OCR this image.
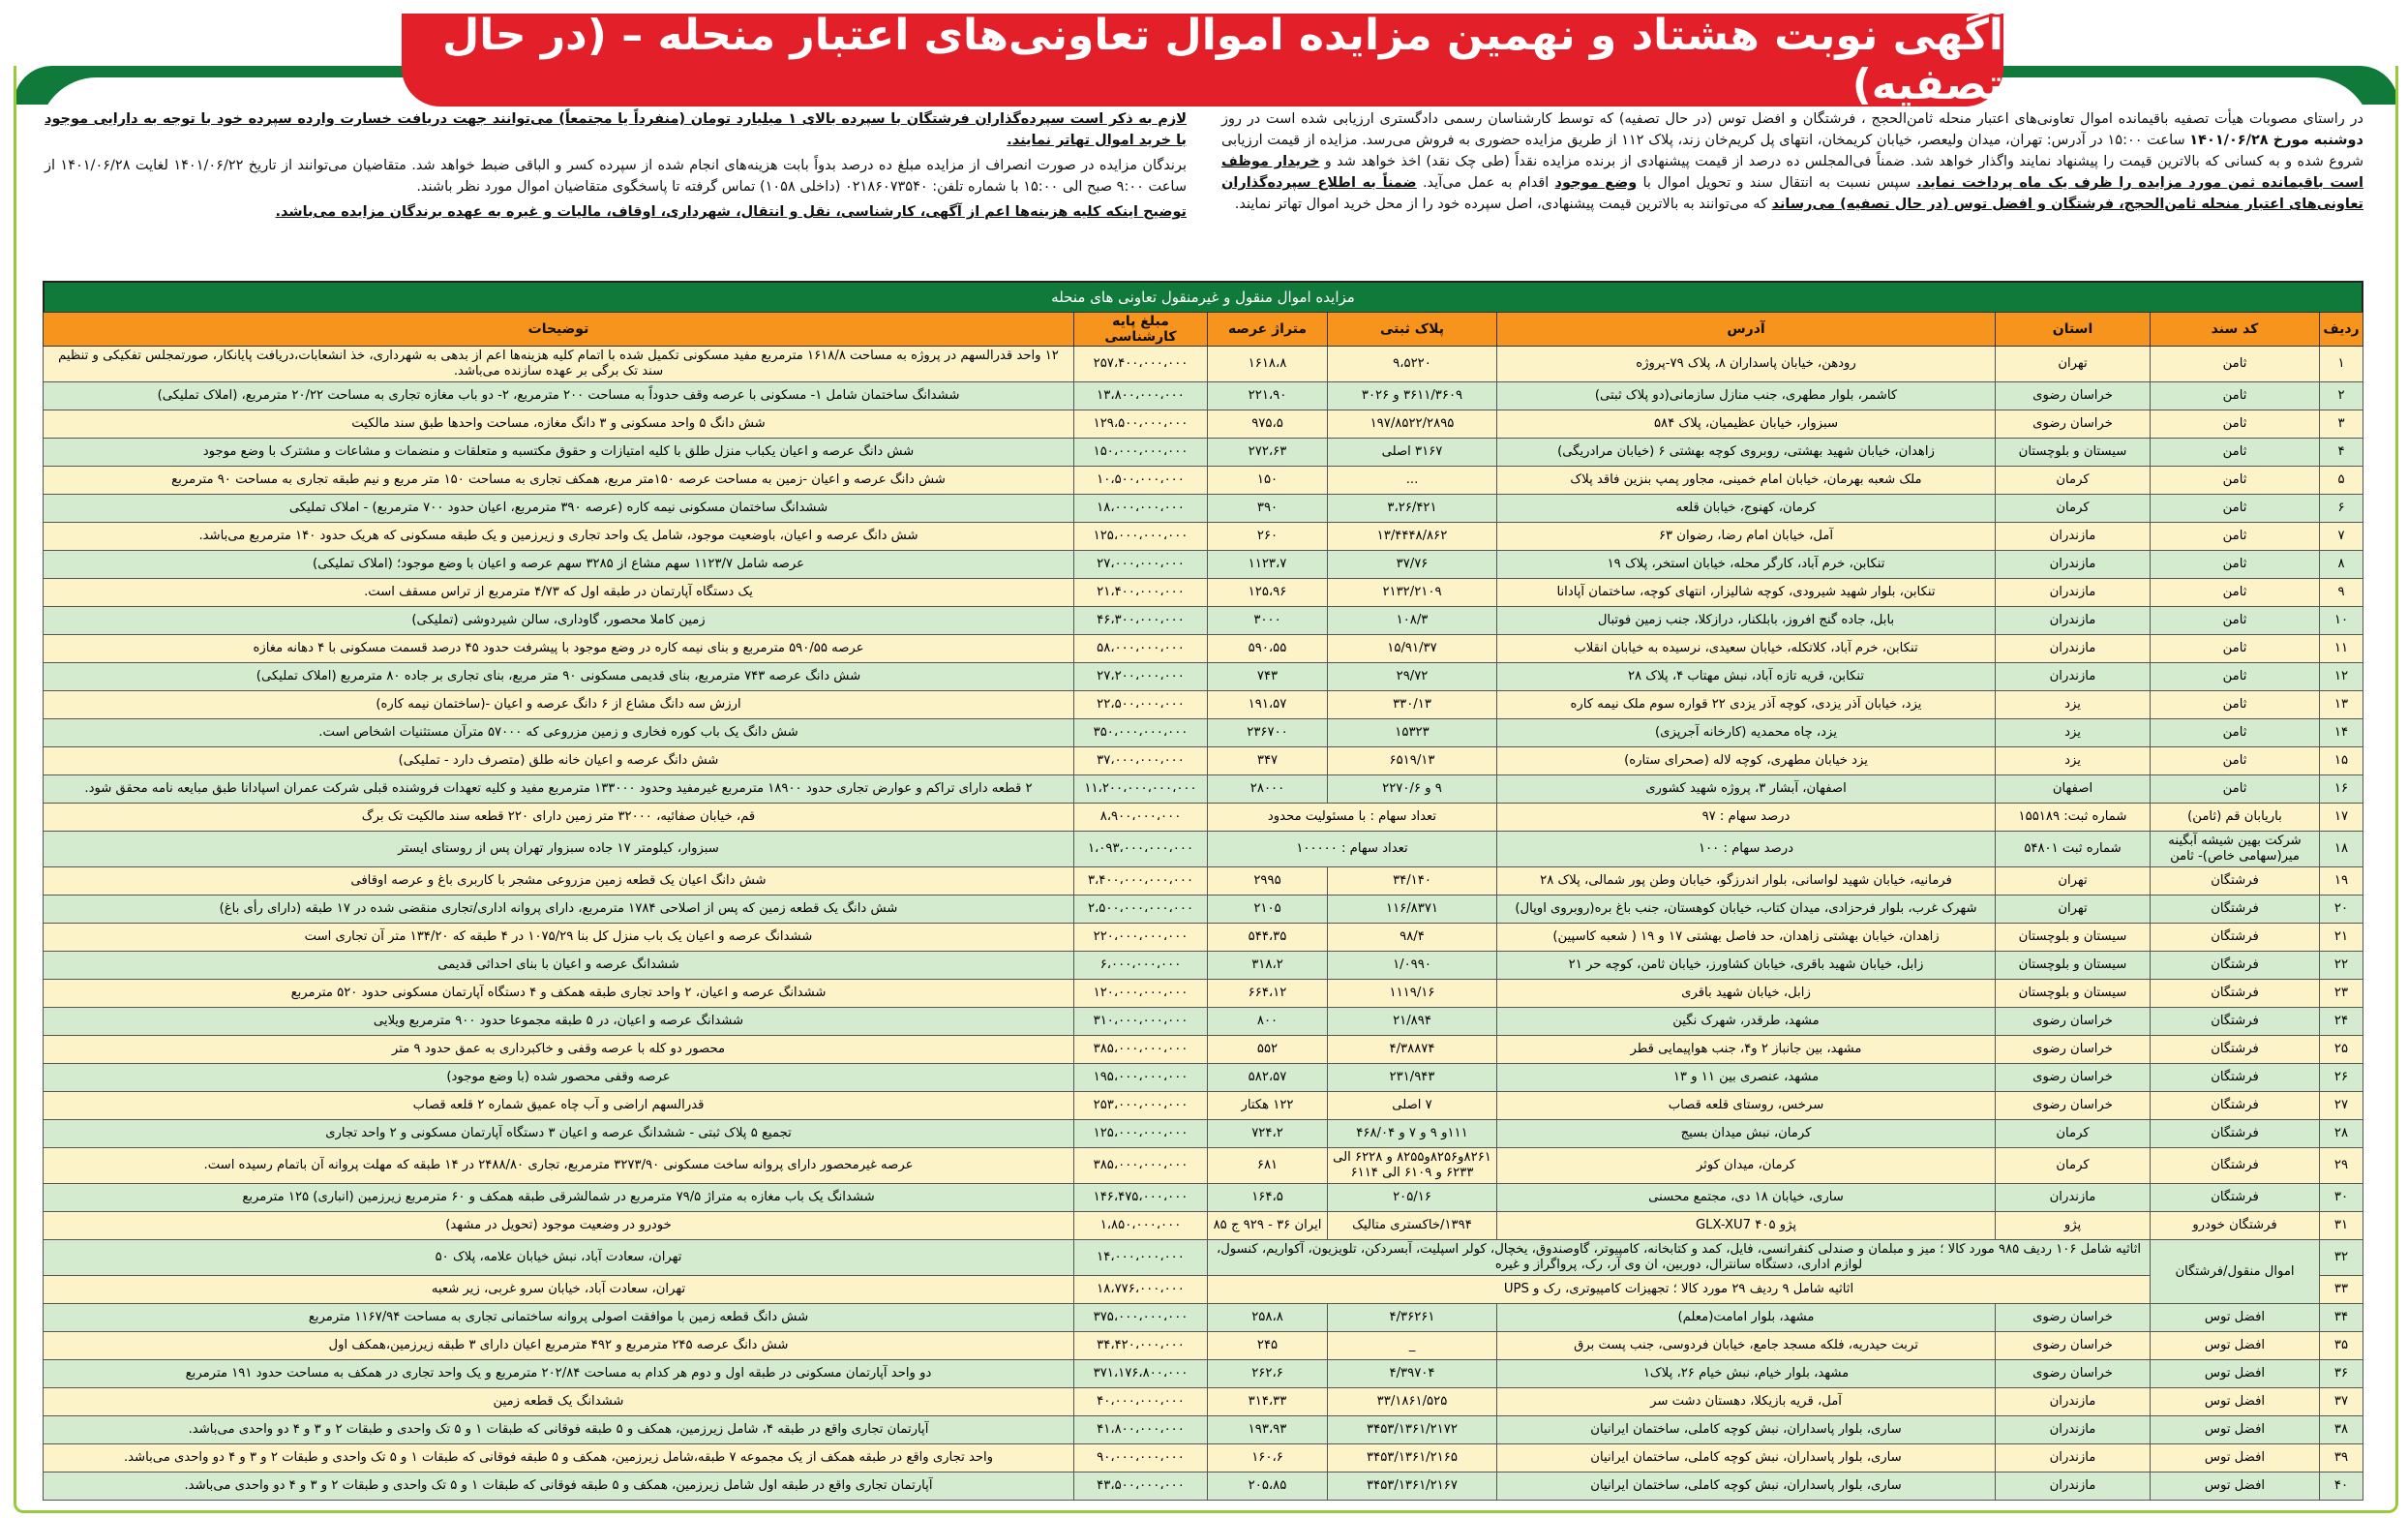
آگهی نوبت هشتاد و نهمین مزایده اموال تعاونی‌های اعتبار منحله – (در حال تصفیه)

در راستای مصوبات هیأت تصفیه باقیمانده اموال تعاونی‌های اعتبار منحله ثامن‌الحجج ، فرشتگان و افضل توس (در حال تصفیه) که توسط کارشناسان رسمی دادگستری ارزیابی شده است در روز دوشنبه مورخ ۱۴۰۱/۰۶/۲۸ ساعت ۱۵:۰۰ در آدرس: تهران، میدان ولیعصر، خیابان کریمخان، انتهای پل کریم‌خان زند، پلاک ۱۱۲ از طریق مزایده حضوری به فروش می‌رسد. مزایده از قیمت ارزیابی شروع شده و به کسانی که بالاترین قیمت را پیشنهاد نمایند واگذار خواهد شد. ضمناً فی‌المجلس ده درصد از قیمت پیشنهادی از برنده مزایده نقداً (طی چک نقد) اخذ خواهد شد و خریدار موظف است باقیمانده ثمن مورد مزایده را ظرف یک ماه پرداخت نماید. سپس نسبت به انتقال سند و تحویل اموال با وضع موجود اقدام به عمل می‌آید. ضمناً به اطلاع سپرده‌گذاران تعاونی‌های اعتبار منحله ثامن‌الحجج، فرشتگان و افضل توس (در حال تصفیه) می‌رساند که می‌توانند به بالاترین قیمت پیشنهادی، اصل سپرده خود را از محل خرید اموال تهاتر نمایند.

لازم به ذکر است سپرده‌گذاران فرشتگان با سپرده بالای ۱ میلیارد تومان (منفرداً یا مجتمعاً) می‌توانند جهت دریافت خسارت وارده سپرده خود با توجه به دارایی موجود با خرید اموال تهاتر نمایند.

برندگان مزایده در صورت انصراف از مزایده مبلغ ده درصد بدواً بابت هزینه‌های انجام شده از سپرده کسر و الباقی ضبط خواهد شد. متقاضیان می‌توانند از تاریخ ۱۴۰۱/۰۶/۲۲ لغایت ۱۴۰۱/۰۶/۲۸ از ساعت ۹:۰۰ صبح الی ۱۵:۰۰ با شماره تلفن: ۰۲۱۸۶۰۷۳۵۴۰ (داخلی ۱۰۵۸) تماس گرفته تا پاسخگوی متقاضیان اموال مورد نظر باشند.

توضیح اینکه کلیه هزینه‌ها اعم از آگهی، کارشناسی، نقل و انتقال، شهرداری، اوقاف، مالیات و غیره به عهده برندگان مزایده می‌باشد.

مزایده اموال منقول و غیرمنقول تعاونی های منحله
ردیف	کد سند	استان	آدرس	پلاک ثبتی	متراژ عرصه	مبلغ پایه کارشناسی	توضیحات
۱	ثامن	تهران	رودهن، خیابان پاسداران ۸، پلاک ۷۹-پروژه	۹،۵۲۲۰	۱۶۱۸،۸	۲۵۷،۴۰۰،۰۰۰،۰۰۰	۱۲ واحد قدرالسهم در پروژه به مساحت ۱۶۱۸/۸ مترمربع مفید مسکونی تکمیل شده با اتمام کلیه هزینه‌ها اعم از بدهی به شهرداری، خذ انشعابات،دریافت پایانکار، صورتمجلس تفکیکی و تنظیم سند تک برگی بر عهده سازنده می‌باشد.
۲	ثامن	خراسان رضوی	کاشمر، بلوار مطهری، جنب منازل سازمانی(دو پلاک ثبتی)	۳۶۱۱/۳۶۰۹ و ۳۰۲۶	۲۲۱،۹۰	۱۳،۸۰۰،۰۰۰،۰۰۰	ششدانگ ساختمان شامل ۱- مسکونی با عرصه وقف حدوداً به مساحت ۲۰۰ مترمربع، ۲- دو باب مغازه تجاری به مساحت ۲۰/۲۲ مترمربع، (املاک تملیکی)
۳	ثامن	خراسان رضوی	سبزوار، خیابان عظیمیان، پلاک ۵۸۴	۱۹۷/۸۵۲۲/۲۸۹۵	۹۷۵،۵	۱۲۹،۵۰۰،۰۰۰،۰۰۰	شش دانگ ۵ واحد مسکونی و ۳ دانگ مغازه، مساحت واحدها طبق سند مالکیت
۴	ثامن	سیستان و بلوچستان	زاهدان، خیابان شهید بهشتی، روبروی کوچه بهشتی ۶ (خیابان مرادریگی)	۳۱۶۷ اصلی	۲۷۲،۶۳	۱۵۰،۰۰۰،۰۰۰،۰۰۰	شش دانگ عرصه و اعیان یکباب منزل طلق با کلیه امتیازات و حقوق مکتسبه و متعلقات و منضمات و مشاعات و مشترک با وضع موجود
۵	ثامن	کرمان	ملک شعبه بهرمان، خیابان امام خمینی، مجاور پمپ بنزین فاقد پلاک	...	۱۵۰	۱۰،۵۰۰،۰۰۰،۰۰۰	شش دانگ عرصه و اعیان -زمین به مساحت عرصه ۱۵۰متر مربع، همکف تجاری به مساحت ۱۵۰ متر مربع و نیم طبقه تجاری به مساحت ۹۰ مترمربع
۶	ثامن	کرمان	کرمان، کهنوج، خیابان قلعه	۳،۲۶/۴۲۱	۳۹۰	۱۸،۰۰۰،۰۰۰،۰۰۰	ششدانگ ساختمان مسکونی نیمه کاره (عرصه ۳۹۰ مترمربع، اعیان حدود ۷۰۰ مترمربع) - املاک تملیکی
۷	ثامن	مازندران	آمل، خیابان امام رضا، رضوان ۶۳	۱۳/۴۴۴۸/۸۶۲	۲۶۰	۱۲۵،۰۰۰،۰۰۰،۰۰۰	شش دانگ عرصه و اعیان، باوضعیت موجود، شامل یک واحد تجاری و زیرزمین و یک طبقه مسکونی که هریک حدود ۱۴۰ مترمربع می‌باشد.
۸	ثامن	مازندران	تنکابن، خرم آباد، کارگر محله، خیابان استخر، پلاک ۱۹	۳۷/۷۶	۱۱۲۳،۷	۲۷،۰۰۰،۰۰۰،۰۰۰	عرصه شامل ۱۱۲۳/۷ سهم مشاع از ۳۲۸۵ سهم عرصه و اعیان با وضع موجود؛ (املاک تملیکی)
۹	ثامن	مازندران	تنکابن، بلوار شهید شیرودی، کوچه شالیزار، انتهای کوچه، ساختمان آپادانا	۲۱۳۲/۲۱۰۹	۱۲۵،۹۶	۲۱،۴۰۰،۰۰۰،۰۰۰	یک دستگاه آپارتمان در طبقه اول که ۴/۷۳ مترمربع از تراس مسقف است.
۱۰	ثامن	مازندران	بابل، جاده گنج افروز، بابلکنار، درازکلا، جنب زمین فوتبال	۱۰۸/۳	۳۰۰۰	۴۶،۳۰۰،۰۰۰،۰۰۰	زمین کاملا محصور، گاوداری، سالن شیردوشی (تملیکی)
۱۱	ثامن	مازندران	تنکابن، خرم آباد، کلاتکله، خیابان سعیدی، نرسیده به خیابان انقلاب	۱۵/۹۱/۳۷	۵۹۰،۵۵	۵۸،۰۰۰،۰۰۰،۰۰۰	عرصه ۵۹۰/۵۵ مترمربع و بنای نیمه کاره در وضع موجود با پیشرفت حدود ۴۵ درصد قسمت مسکونی با ۴ دهانه مغازه
۱۲	ثامن	مازندران	تنکابن، قریه تازه آباد، نبش مهتاب ۴، پلاک ۲۸	۲۹/۷۲	۷۴۳	۲۷،۲۰۰،۰۰۰،۰۰۰	شش دانگ عرصه ۷۴۳ مترمربع، بنای قدیمی مسکونی ۹۰ متر مربع، بنای تجاری بر جاده ۸۰ مترمربع (املاک تملیکی)
۱۳	ثامن	یزد	یزد، خیابان آذر یزدی، کوچه آذر یزدی ۲۲ قواره سوم ملک نیمه کاره	۳۳۰/۱۳	۱۹۱،۵۷	۲۲،۵۰۰،۰۰۰،۰۰۰	ارزش سه دانگ مشاع از ۶ دانگ عرصه و اعیان -(ساختمان نیمه کاره)
۱۴	ثامن	یزد	یزد، چاه محمدیه (کارخانه آجرپزی)	۱۵۳۲۳	۲۳۶۷۰۰	۳۵۰،۰۰۰،۰۰۰،۰۰۰	شش دانگ یک باب کوره فخاری و زمین مزروعی که ۵۷۰۰۰ مترآن مستثنیات اشخاص است.
۱۵	ثامن	یزد	یزد خیابان مطهری، کوچه لاله (صحرای ستاره)	۶۵۱۹/۱۳	۳۴۷	۳۷،۰۰۰،۰۰۰،۰۰۰	شش دانگ عرصه و اعیان خانه طلق (متصرف دارد - تملیکی)
۱۶	ثامن	اصفهان	اصفهان، آبشار ۳، پروژه شهید کشوری	۹ و ۲۲۷۰/۶	۲۸۰۰۰	۱۱،۲۰۰،۰۰۰،۰۰۰،۰۰۰	۲ قطعه دارای تراکم و عوارض تجاری حدود ۱۸۹۰۰ مترمربع غیرمفید وحدود ۱۳۳۰۰۰ مترمربع مفید و کلیه تعهدات فروشنده قبلی شرکت عمران اسپادانا طبق مبایعه نامه محقق شود.
۱۷	باریابان قم (ثامن)	شماره ثبت: ۱۵۵۱۸۹	درصد سهام : ۹۷	تعداد سهام : با مسئولیت محدود		۸،۹۰۰،۰۰۰،۰۰۰	قم، خیابان صفائیه، ۳۲۰۰۰ متر زمین دارای ۲۲۰ قطعه سند مالکیت تک برگ
۱۸	شرکت بهین شیشه آبگینه میر(سهامی خاص)- ثامن	شماره ثبت ۵۴۸۰۱	درصد سهام : ۱۰۰	تعداد سهام : ۱۰۰۰۰۰		۱،۰۹۳،۰۰۰،۰۰۰،۰۰۰	سبزوار، کیلومتر ۱۷ جاده سبزوار تهران پس از روستای ایستر
۱۹	فرشتگان	تهران	فرمانیه، خیابان شهید لواسانی، بلوار اندرزگو، خیابان وطن پور شمالی، پلاک ۲۸	۳۴/۱۴۰	۲۹۹۵	۳،۴۰۰،۰۰۰،۰۰۰،۰۰۰	شش دانگ اعیان یک قطعه زمین مزروعی مشجر با کاربری باغ و عرصه اوقافی
۲۰	فرشتگان	تهران	شهرک غرب، بلوار فرحزادی، میدان کتاب، خیابان کوهستان، جنب باغ بره(روبروی اوپال)	۱۱۶/۸۳۷۱	۲۱۰۵	۲،۵۰۰،۰۰۰،۰۰۰،۰۰۰	شش دانگ یک قطعه زمین که پس از اصلاحی ۱۷۸۴ مترمربع، دارای پروانه اداری/تجاری منقضی شده در ۱۷ طبقه (دارای رأی باغ)
۲۱	فرشتگان	سیستان و بلوچستان	زاهدان، خیابان بهشتی زاهدان، حد فاصل بهشتی ۱۷ و ۱۹ ( شعبه کاسپین)	۹۸/۴	۵۴۴،۳۵	۲۲۰،۰۰۰،۰۰۰،۰۰۰	ششدانگ عرصه و اعیان یک باب منزل کل بنا ۱۰۷۵/۲۹ در ۴ طبقه که ۱۳۴/۲۰ متر آن تجاری است
۲۲	فرشتگان	سیستان و بلوچستان	زابل، خیابان شهید باقری، خیابان کشاورز، خیابان ثامن، کوچه حر ۲۱	۱/۰۹۹۰	۳۱۸،۲	۶،۰۰۰،۰۰۰،۰۰۰	ششدانگ عرصه و اعیان با بنای احداثی قدیمی
۲۳	فرشتگان	سیستان و بلوچستان	زابل، خیابان شهید باقری	۱۱۱۹/۱۶	۶۶۴،۱۲	۱۲۰،۰۰۰،۰۰۰،۰۰۰	ششدانگ عرصه و اعیان، ۲ واحد تجاری طبقه همکف و ۴ دستگاه آپارتمان مسکونی حدود ۵۲۰ مترمربع
۲۴	فرشتگان	خراسان رضوی	مشهد، طرقدر، شهرک نگین	۲۱/۸۹۴	۸۰۰	۳۱۰،۰۰۰،۰۰۰،۰۰۰	ششدانگ عرصه و اعیان، در ۵ طبقه مجموعا حدود ۹۰۰ مترمربع ویلایی
۲۵	فرشتگان	خراسان رضوی	مشهد، بین جانباز ۲ و۴، جنب هواپیمایی قطر	۴/۳۸۸۷۴	۵۵۲	۳۸۵،۰۰۰،۰۰۰،۰۰۰	محصور دو کله با عرصه وقفی و خاکبرداری به عمق حدود ۹ متر
۲۶	فرشتگان	خراسان رضوی	مشهد، عنصری بین ۱۱ و ۱۳	۲۳۱/۹۴۳	۵۸۲،۵۷	۱۹۵،۰۰۰،۰۰۰،۰۰۰	عرصه وقفی محصور شده (با وضع موجود)
۲۷	فرشتگان	خراسان رضوی	سرخس، روستای قلعه قصاب	۷ اصلی	۱۲۲ هکتار	۲۵۳،۰۰۰،۰۰۰،۰۰۰	قدرالسهم اراضی و آب چاه عمیق شماره ۲ قلعه قصاب
۲۸	فرشتگان	کرمان	کرمان، نبش میدان بسیج	۱۱۱و ۹ و ۷ و ۴۶۸/۰۴	۷۲۴،۲	۱۲۵،۰۰۰،۰۰۰،۰۰۰	تجمیع ۵ پلاک ثبتی - ششدانگ عرصه و اعیان ۳ دستگاه آپارتمان مسکونی و ۲ واحد تجاری
۲۹	فرشتگان	کرمان	کرمان، میدان کوثر	۸۲۶۱و۸۲۵۶و۸۲۵۵ و ۶۲۲۸ الی ۶۲۳۳ و ۶۱۰۹ الی ۶۱۱۴	۶۸۱	۳۸۵،۰۰۰،۰۰۰،۰۰۰	عرصه غیرمحصور دارای پروانه ساخت مسکونی ۳۲۷۳/۹۰ مترمربع، تجاری ۲۴۸۸/۸۰ در ۱۴ طبقه که مهلت پروانه آن باتمام رسیده است.
۳۰	فرشتگان	مازندران	ساری، خیابان ۱۸ دی، مجتمع محسنی	۲۰۵/۱۶	۱۶۴،۵	۱۴۶،۴۷۵،۰۰۰،۰۰۰	ششدانگ یک باب مغازه به متراژ ۷۹/۵ مترمربع در شمالشرقی طبقه همکف و ۶۰ مترمربع زیرزمین (انباری) ۱۲۵ مترمربع
۳۱	فرشتگان خودرو	پژو	پژو ۴۰۵ GLX-XU7	۱۳۹۴/خاکستری متالیک	ایران ۳۶ - ۹۲۹ ج ۸۵	۱،۸۵۰،۰۰۰،۰۰۰	خودرو در وضعیت موجود (تحویل در مشهد)
۳۲	اموال منقول/فرشتگان	اثاثیه شامل ۱۰۶ ردیف ۹۸۵ مورد کالا ؛ میز و مبلمان و صندلی کنفرانسی، فایل، کمد و کتابخانه، کامپیوتر، گاوصندوق، یخچال، کولر اسپلیت، آبسردکن، تلویزیون، آکواریم، کنسول، لوازم اداری، دستگاه سانترال، دوربین، ان وی آر، رک، پرواگراز و غیره				۱۴،۰۰۰،۰۰۰،۰۰۰	تهران، سعادت آباد، نبش خیابان علامه، پلاک ۵۰
۳۳		اثاثیه شامل ۹ ردیف ۲۹ مورد کالا ؛ تجهیزات کامپیوتری، رک و UPS				۱۸،۷۷۶،۰۰۰،۰۰۰	تهران، سعادت آباد، خیابان سرو غربی، زیر شعبه
۳۴	افضل توس	خراسان رضوی	مشهد، بلوار امامت(معلم)	۴/۳۶۲۶۱	۲۵۸،۸	۳۷۵،۰۰۰،۰۰۰،۰۰۰	شش دانگ قطعه زمین با موافقت اصولی پروانه ساختمانی تجاری به مساحت ۱۱۶۷/۹۴ مترمربع
۳۵	افضل توس	خراسان رضوی	تربت حیدریه، فلکه مسجد جامع، خیابان فردوسی، جنب پست برق	_	۲۴۵	۳۴،۴۲۰،۰۰۰،۰۰۰	شش دانگ عرصه ۲۴۵ مترمربع و ۴۹۲ مترمربع اعیان دارای ۳ طبقه زیرزمین،همکف اول
۳۶	افضل توس	خراسان رضوی	مشهد، بلوار خیام، نبش خیام ۲۶، پلاک۱	۴/۳۹۷۰۴	۲۶۲،۶	۳۷۱،۱۷۶،۸۰۰،۰۰۰	دو واحد آپارتمان مسکونی در طبقه اول و دوم هر کدام به مساحت ۲۰۲/۸۴ مترمربع و یک واحد تجاری در همکف به مساحت حدود ۱۹۱ مترمربع
۳۷	افضل توس	مازندران	آمل، قریه بازیکلا، دهستان دشت سر	۳۳/۱۸۶۱/۵۲۵	۳۱۴،۳۳	۴۰،۰۰۰،۰۰۰،۰۰۰	ششدانگ یک قطعه زمین
۳۸	افضل توس	مازندران	ساری، بلوار پاسداران، نبش کوچه کاملی، ساختمان ایرانیان	۳۴۵۳/۱۳۶۱/۲۱۷۲	۱۹۳،۹۳	۴۱،۸۰۰،۰۰۰،۰۰۰	آپارتمان تجاری واقع در طبقه ۴، شامل زیرزمین، همکف و ۵ طبقه فوقانی که طبقات ۱ و ۵ تک واحدی و طبقات ۲ و ۳ و ۴ دو واحدی می‌باشد.
۳۹	افضل توس	مازندران	ساری، بلوار پاسداران، نبش کوچه کاملی، ساختمان ایرانیان	۳۴۵۳/۱۳۶۱/۲۱۶۵	۱۶۰،۶	۹۰،۰۰۰،۰۰۰،۰۰۰	واحد تجاری واقع در طبقه همکف از یک مجموعه ۷ طبقه،شامل زیرزمین، همکف و ۵ طبقه فوقانی که طبقات ۱ و ۵ تک واحدی و طبقات ۲ و ۳ و ۴ دو واحدی می‌باشد.
۴۰	افضل توس	مازندران	ساری، بلوار پاسداران، نبش کوچه کاملی، ساختمان ایرانیان	۳۴۵۳/۱۳۶۱/۲۱۶۷	۲۰۵،۸۵	۴۳،۵۰۰،۰۰۰،۰۰۰	آپارتمان تجاری واقع در طبقه اول شامل زیرزمین، همکف و ۵ طبقه فوقانی که طبقات ۱ و ۵ تک واحدی و طبقات ۲ و ۳ و ۴ دو واحدی می‌باشد.
